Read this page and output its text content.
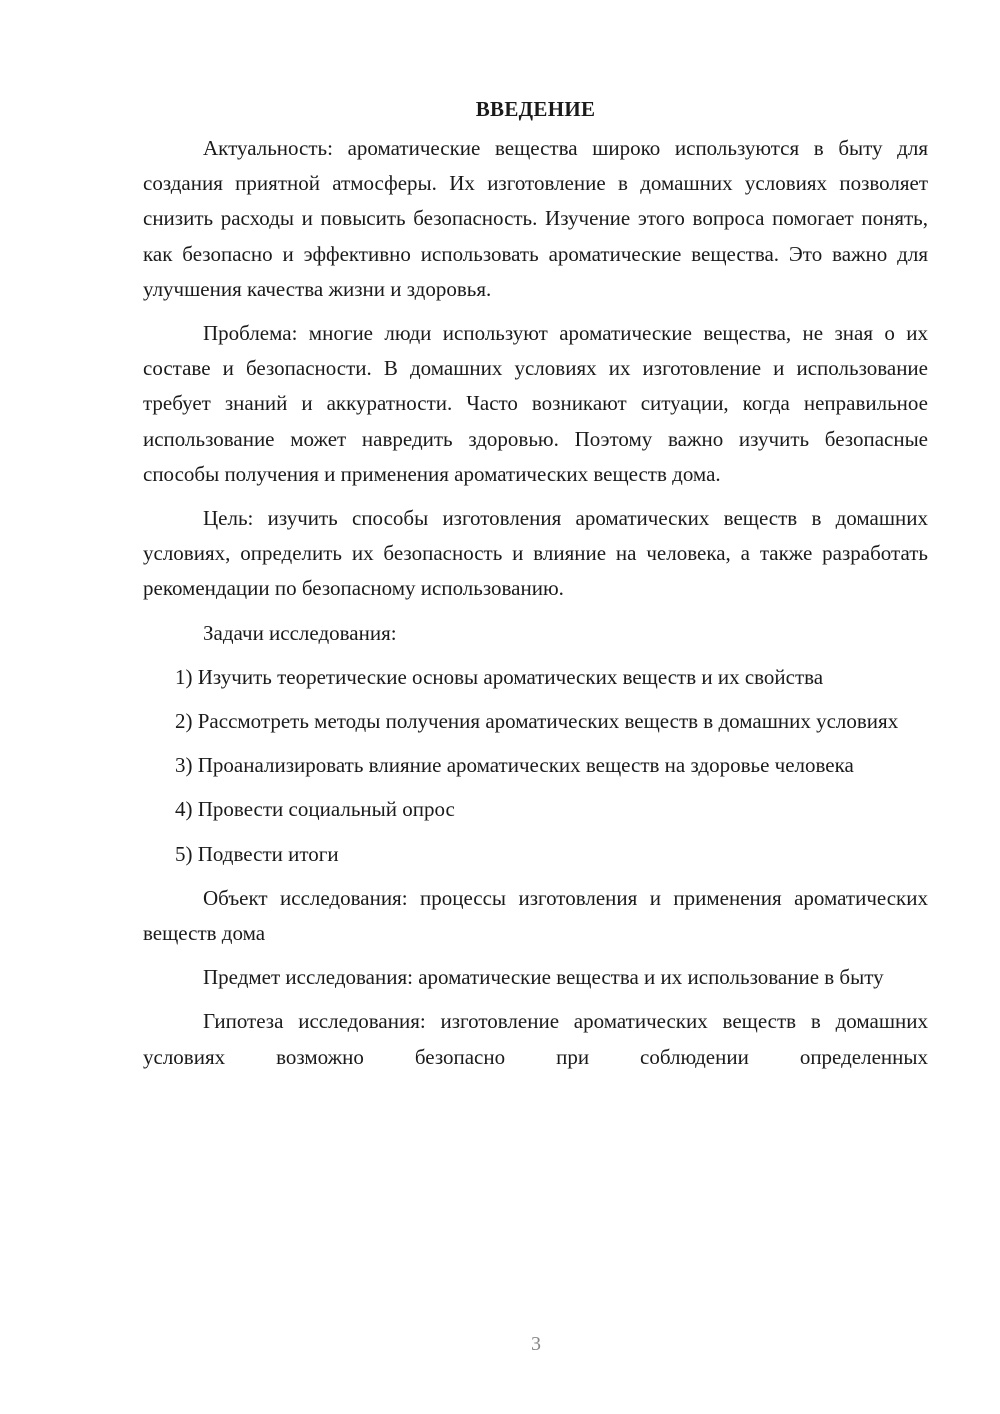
ВВЕДЕНИЕ

Актуальность: ароматические вещества широко используются в быту для создания приятной атмосферы. Их изготовление в домашних условиях позволяет снизить расходы и повысить безопасность. Изучение этого вопроса помогает понять, как безопасно и эффективно использовать ароматические вещества. Это важно для улучшения качества жизни и здоровья.

Проблема: многие люди используют ароматические вещества, не зная о их составе и безопасности. В домашних условиях их изготовление и использование требует знаний и аккуратности. Часто возникают ситуации, когда неправильное использование может навредить здоровью. Поэтому важно изучить безопасные способы получения и применения ароматических веществ дома.

Цель: изучить способы изготовления ароматических веществ в домашних условиях, определить их безопасность и влияние на человека, а также разработать рекомендации по безопасному использованию.

Задачи исследования:

1) Изучить теоретические основы ароматических веществ и их свойства

2) Рассмотреть методы получения ароматических веществ в домашних условиях

3) Проанализировать влияние ароматических веществ на здоровье человека

4) Провести социальный опрос

5) Подвести итоги

Объект исследования: процессы изготовления и применения ароматических веществ дома

Предмет исследования: ароматические вещества и их использование в быту

Гипотеза исследования: изготовление ароматических веществ в домашних условиях возможно безопасно при соблюдении определенных

3
